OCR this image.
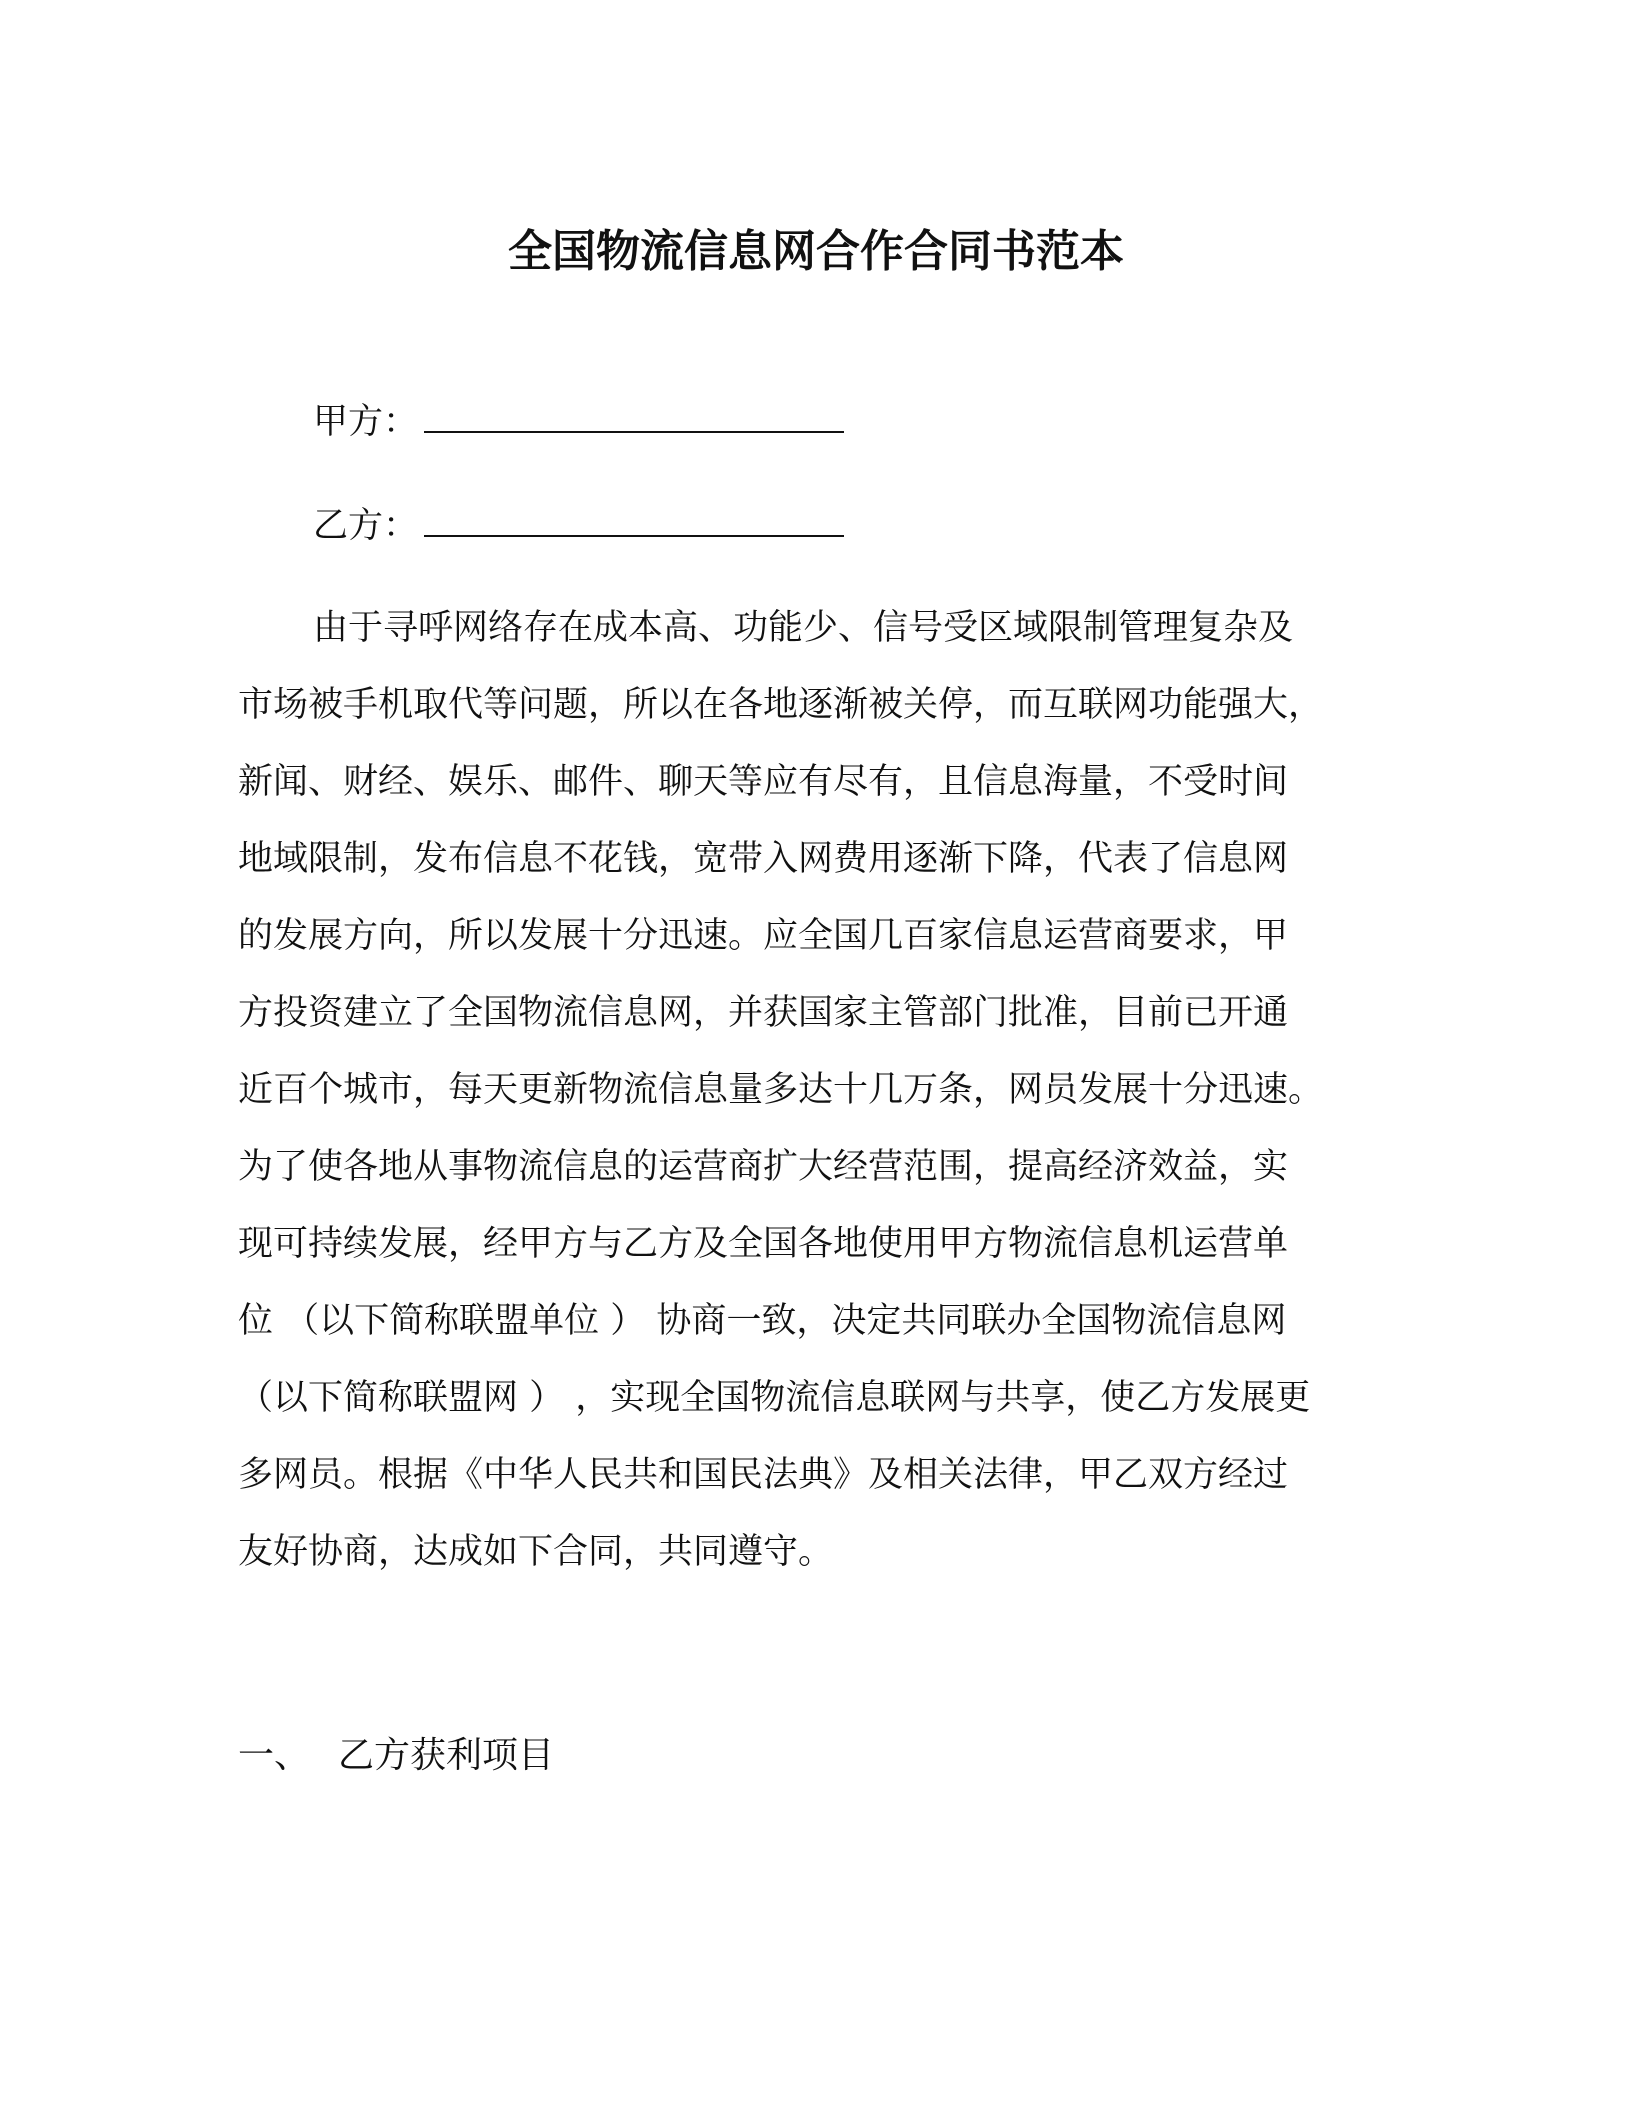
全国物流信息网合作合同书范本
甲方：
乙方：
由于寻呼网络存在成本高、功能少、信号受区域限制管理复杂及
市场被手机取代等问题，所以在各地逐渐被关停，而互联网功能强大，
新闻、财经、娱乐、邮件、聊天等应有尽有，且信息海量，不受时间
地域限制，发布信息不花钱，宽带入网费用逐渐下降，代表了信息网
的发展方向，所以发展十分迅速。应全国几百家信息运营商要求，甲
方投资建立了全国物流信息网，并获国家主管部门批准，目前已开通
近百个城市，每天更新物流信息量多达十几万条，网员发展十分迅速。
为了使各地从事物流信息的运营商扩大经营范围，提高经济效益，实
现可持续发展，经甲方与乙方及全国各地使用甲方物流信息机运营单
位 （以下简称联盟单位 ） 协商一致，决定共同联办全国物流信息网
（以下简称联盟网 ） ，实现全国物流信息联网与共享，使乙方发展更
多网员。根据《中华人民共和国民法典》及相关法律，甲乙双方经过
友好协商，达成如下合同，共同遵守。
一、 乙方获利项目
